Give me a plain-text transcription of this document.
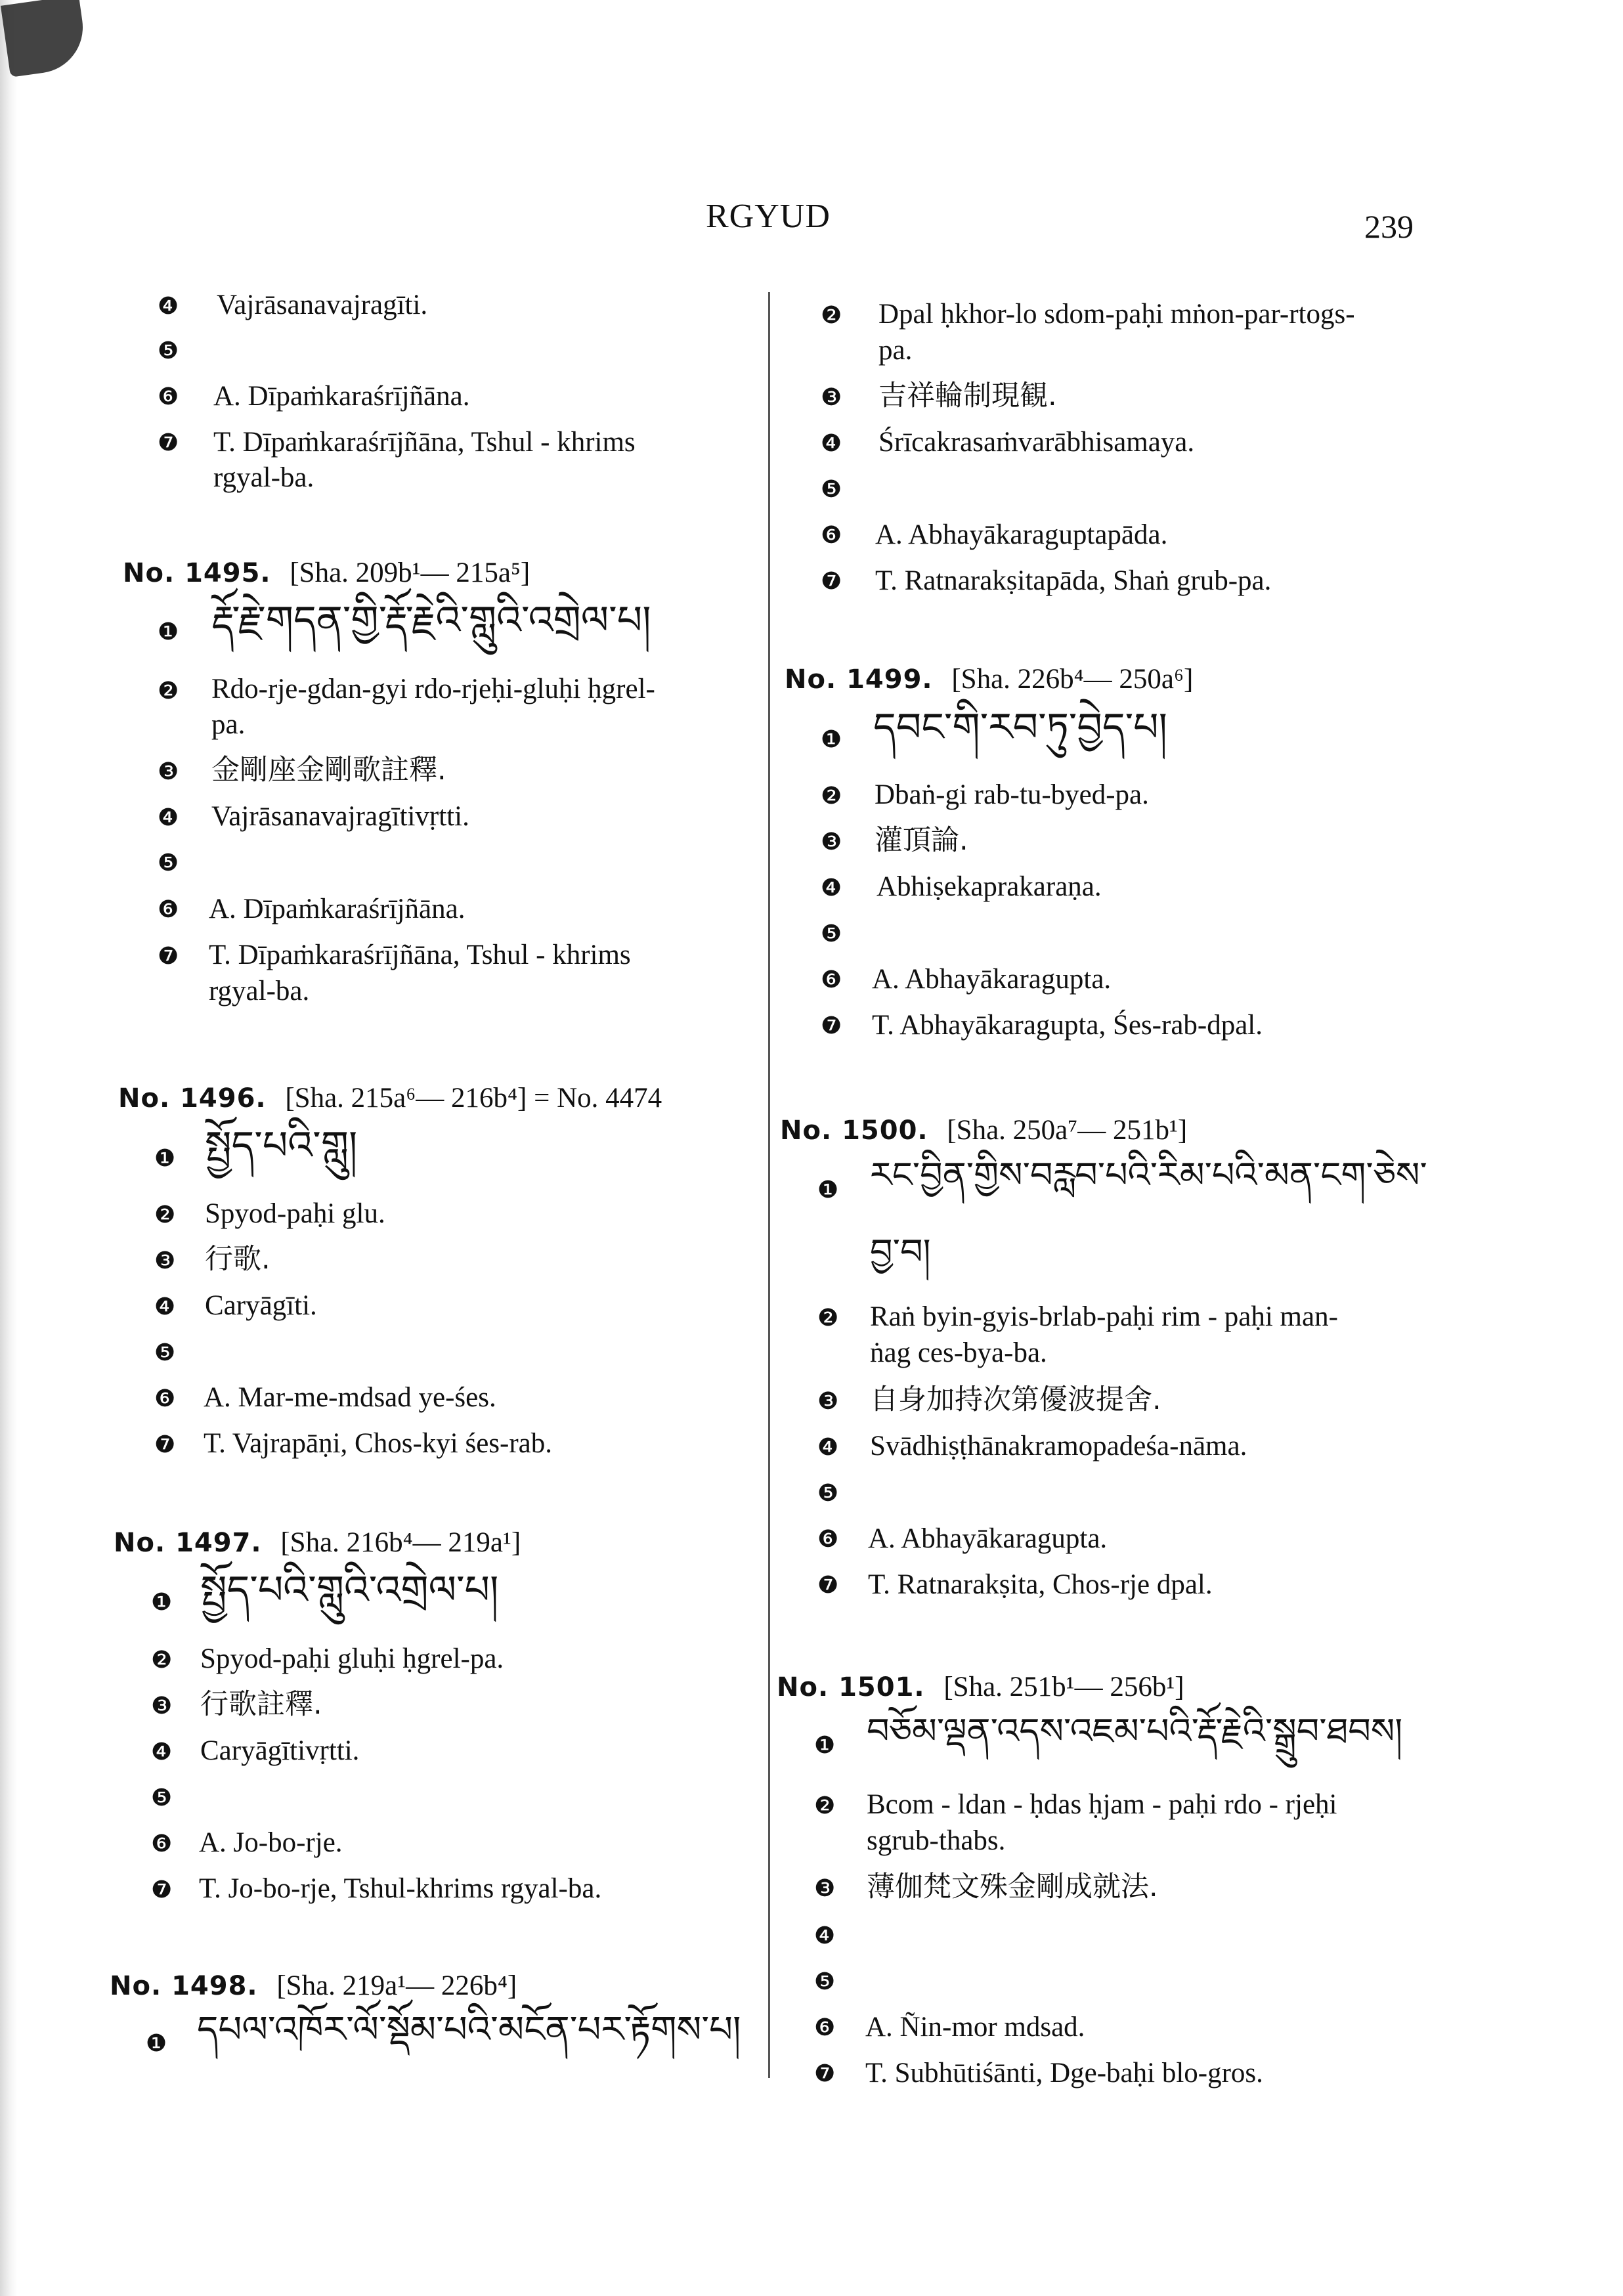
RGYUD	239
❹ Vajrāsanavajragīti.
❺
❻ A. Dīpaṁkaraśrījñāna.
❼ T. Dīpaṁkaraśrījñāna, Tshul - khrims
rgyal-ba.
No. 1495. [Sha. 209b¹— 215a⁵]
❶ རྡོ་རྗེ་གདན་གྱི་རྡོ་རྗེའི་གླུའི་འགྲེལ་པ།
❷ Rdo-rje-gdan-gyi rdo-rjeḥi-gluḥi ḥgrel-
pa.
❸ 金剛座金剛歌註釋.
❹ Vajrāsanavajragītivṛtti.
❺
❻ A. Dīpaṁkaraśrījñāna.
❼ T. Dīpaṁkaraśrījñāna, Tshul - khrims
rgyal-ba.
No. 1496. [Sha. 215a⁶— 216b⁴] = No. 4474
❶ སྤྱོད་པའི་གླུ།
❷ Spyod-paḥi glu.
❸ 行歌.
❹ Caryāgīti.
❺
❻ A. Mar-me-mdsad ye-śes.
❼ T. Vajrapāṇi, Chos-kyi śes-rab.
No. 1497. [Sha. 216b⁴— 219a¹]
❶ སྤྱོད་པའི་གླུའི་འགྲེལ་པ།
❷ Spyod-paḥi gluḥi ḥgrel-pa.
❸ 行歌註釋.
❹ Caryāgītivṛtti.
❺
❻ A. Jo-bo-rje.
❼ T. Jo-bo-rje, Tshul-khrims rgyal-ba.
No. 1498. [Sha. 219a¹— 226b⁴]
❶ དཔལ་འཁོར་ལོ་སྡོམ་པའི་མངོན་པར་རྟོགས་པ།
❷ Dpal ḥkhor-lo sdom-paḥi mṅon-par-rtogs-
pa.
❸ 吉祥輪制現観.
❹ Śrīcakrasaṁvarābhisamaya.
❺
❻ A. Abhayākaraguptapāda.
❼ T. Ratnarakṣitapāda, Shaṅ grub-pa.
No. 1499. [Sha. 226b⁴— 250a⁶]
❶ དབང་གི་རབ་ཏུ་བྱེད་པ།
❷ Dbaṅ-gi rab-tu-byed-pa.
❸ 灌頂論.
❹ Abhiṣekaprakaraṇa.
❺
❻ A. Abhayākaragupta.
❼ T. Abhayākaragupta, Śes-rab-dpal.
No. 1500. [Sha. 250a⁷— 251b¹]
❶ རང་བྱིན་གྱིས་བརླབ་པའི་རིམ་པའི་མན་ངག་ཅེས་
བྱ་བ།
❷ Raṅ byin-gyis-brlab-paḥi rim - paḥi man-
ṅag ces-bya-ba.
❸ 自身加持次第優波提舍.
❹ Svādhiṣṭhānakramopadeśa-nāma.
❺
❻ A. Abhayākaragupta.
❼ T. Ratnarakṣita, Chos-rje dpal.
No. 1501. [Sha. 251b¹— 256b¹]
❶ བཅོམ་ལྡན་འདས་འཇམ་པའི་རྡོ་རྗེའི་སྒྲུབ་ཐབས།
❷ Bcom - ldan - ḥdas ḥjam - paḥi rdo - rjeḥi
sgrub-thabs.
❸ 薄伽梵文殊金剛成就法.
❹
❺
❻ A. Ñin-mor mdsad.
❼ T. Subhūtiśānti, Dge-baḥi blo-gros.
